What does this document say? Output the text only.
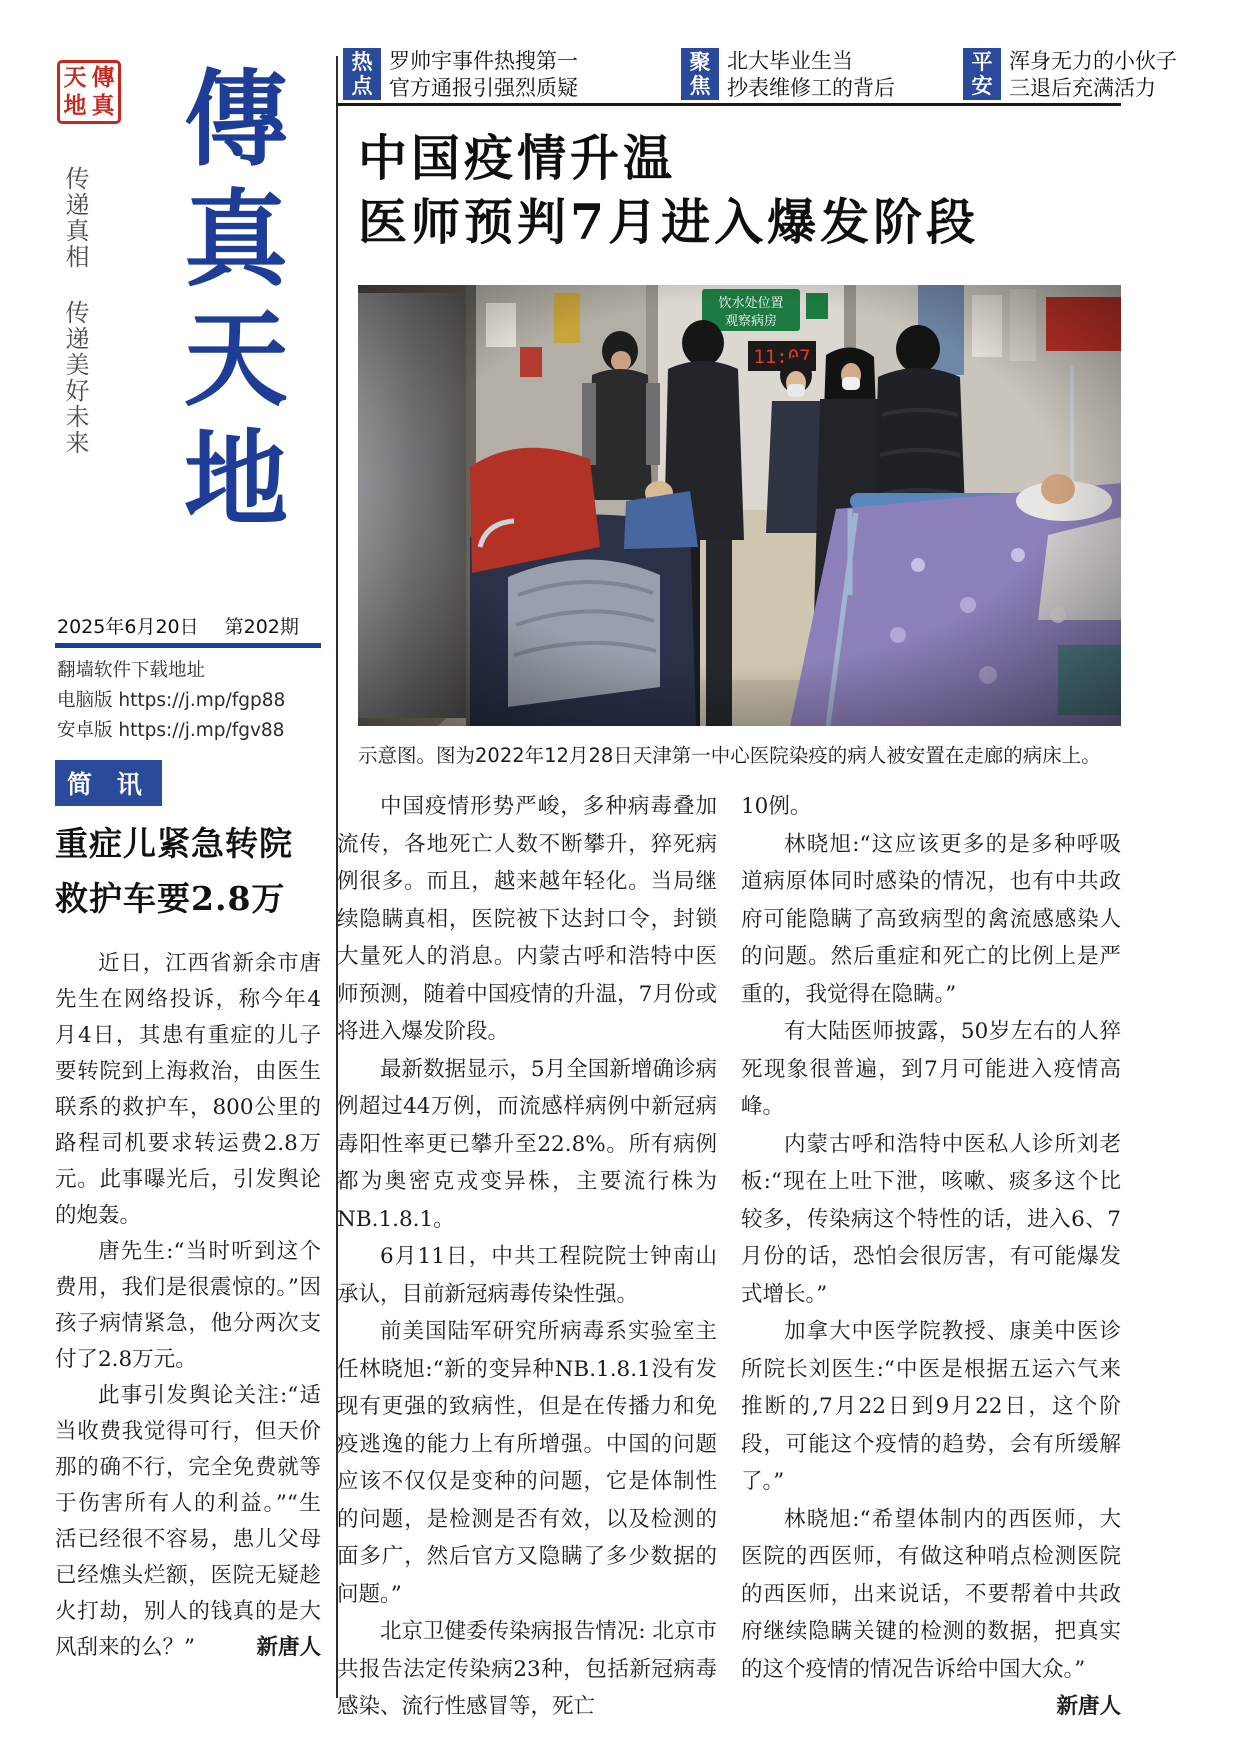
天 傳
地 真 傳真天地
传递真相 传递美好未来
2025年6月20日 第202期
翻墙软件下载地址
电脑版 https://j.mp/fgp88
安卓版 https://j.mp/fgv88
简 讯
重症儿紧急转院
救护车要2.8万

近日，江西省新余市唐先生在网络投诉，称今年4月4日，其患有重症的儿子要转院到上海救治，由医生联系的救护车，800公里的路程司机要求转运费2.8万元。此事曝光后，引发舆论的炮轰。

唐先生:“当时听到这个费用，我们是很震惊的。”因孩子病情紧急，他分两次支付了2.8万元。

此事引发舆论关注:“适当收费我觉得可行，但天价那的确不行，完全免费就等于伤害所有人的利益。”“生活已经很不容易，患儿父母已经燋头烂额，医院无疑趁火打劫，别人的钱真的是大风刮来的么？”	新唐人

热点
罗帅宇事件热搜第一
官方通报引强烈质疑
聚焦
北大毕业生当
抄表维修工的背后
平安
浑身无力的小伙子
三退后充满活力
中国疫情升温
医师预判7月进入爆发阶段
示意图。图为2022年12月28日天津第一中心医院染疫的病人被安置在走廊的病床上。

中国疫情形势严峻，多种病毒叠加流传，各地死亡人数不断攀升，猝死病例很多。而且，越来越年轻化。当局继续隐瞒真相，医院被下达封口令，封锁大量死人的消息。内蒙古呼和浩特中医师预测，随着中国疫情的升温，7月份或将进入爆发阶段。

最新数据显示，5月全国新增确诊病例超过44万例，而流感样病例中新冠病毒阳性率更已攀升至22.8%。所有病例都为奥密克戎变异株，主要流行株为NB.1.8.1。

6月11日，中共工程院院士钟南山承认，目前新冠病毒传染性强。

前美国陆军研究所病毒系实验室主任林晓旭:“新的变异种NB.1.8.1没有发现有更强的致病性，但是在传播力和免疫逃逸的能力上有所增强。中国的问题应该不仅仅是变种的问题，它是体制性的问题，是检测是否有效，以及检测的面多广，然后官方又隐瞒了多少数据的问题。”

北京卫健委传染病报告情况: 北京市共报告法定传染病23种，包括新冠病毒感染、流行性感冒等，死亡

10例。

林晓旭:“这应该更多的是多种呼吸道病原体同时感染的情况，也有中共政府可能隐瞒了高致病型的禽流感感染人的问题。然后重症和死亡的比例上是严重的，我觉得在隐瞒。”

有大陆医师披露，50岁左右的人猝死现象很普遍，到7月可能进入疫情高峰。

内蒙古呼和浩特中医私人诊所刘老板:“现在上吐下泄，咳嗽、痰多这个比较多，传染病这个特性的话，进入6、7月份的话，恐怕会很厉害，有可能爆发式增长。”

加拿大中医学院教授、康美中医诊所院长刘医生:“中医是根据五运六气来推断的,7月22日到9月22日，这个阶段，可能这个疫情的趋势，会有所缓解了。”

林晓旭:“希望体制内的西医师，大医院的西医师，有做这种哨点检测医院的西医师，出来说话，不要帮着中共政府继续隐瞒关键的检测的数据，把真实的这个疫情的情况告诉给中国大众。”
新唐人
